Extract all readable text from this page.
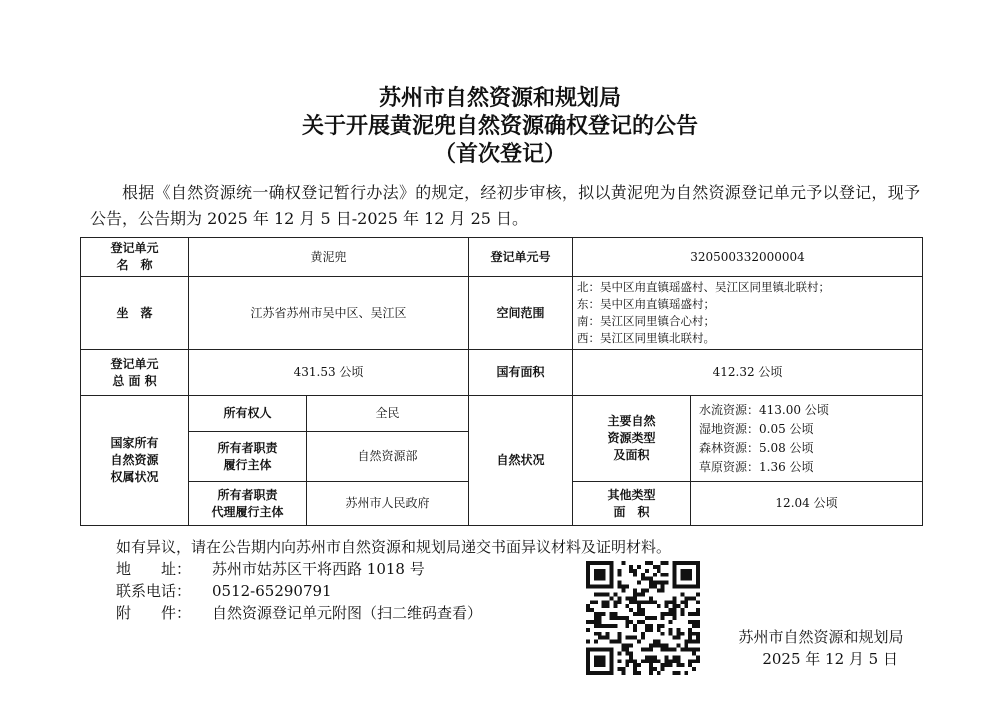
苏州市自然资源和规划局
关于开展黄泥兜自然资源确权登记的公告
（首次登记）
根据《自然资源统一确权登记暂行办法》的规定，经初步审核，拟以黄泥兜为自然资源登记单元予以登记，现予公告，公告期为 2025 年 12 月 5 日-2025 年 12 月 25 日。
登记单元
名　称	黄泥兜		登记单元号	320500332000004	
坐　落	江苏省苏州市吴中区、吴江区		空间范围	北：吴中区甪直镇瑶盛村、吴江区同里镇北联村；
东：吴中区甪直镇瑶盛村；
南：吴江区同里镇合心村；
西：吴江区同里镇北联村。	

登记单元
总 面 积	431.53 公顷		国有面积	412.32 公顷	

国家所有
自然资源
权属状况	所有权人	全民	自然状况	主要自然
资源类型
及面积	水流资源：413.00 公顷
湿地资源：0.05 公顷
森林资源：5.08 公顷
草原资源：1.36 公顷

	所有者职责
履行主体	自然资源部			

	所有者职责
代理履行主体	苏州市人民政府		其他类型
面　积	12.04 公顷
如有异议，请在公告期内向苏州市自然资源和规划局递交书面异议材料及证明材料。
地　　址：	苏州市姑苏区干将西路 1018 号
联系电话：	0512-65290791
附　　件：	自然资源登记单元附图（扫二维码查看）
苏州市自然资源和规划局
2025 年 12 月 5 日
